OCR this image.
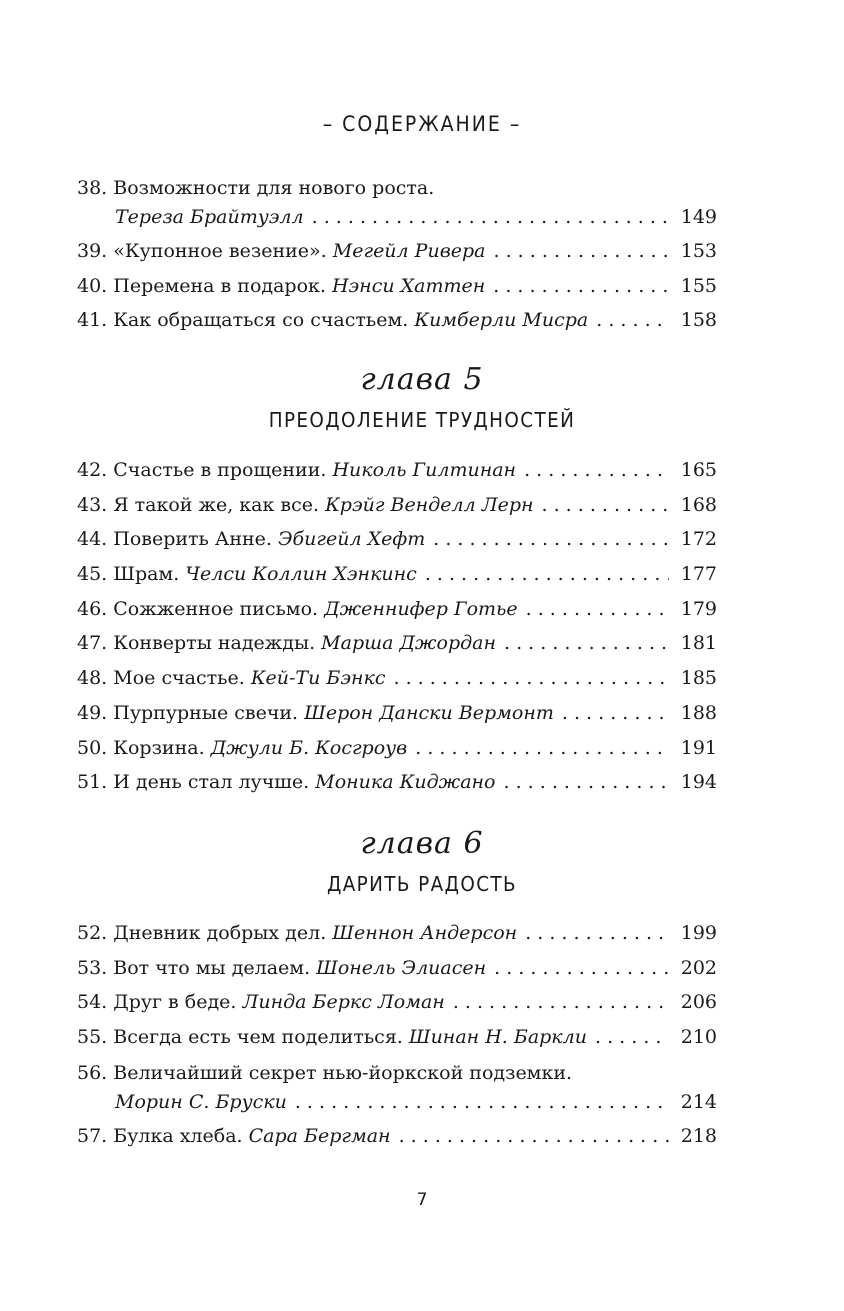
– СОДЕРЖАНИЕ –
38. Возможности для нового роста.
Тереза Брайтуэлл . . .	149
39. «Купонное везение». Мегейл Ривера . . .	153
40. Перемена в подарок. Нэнси Хаттен . . .	155
41. Как обращаться со счастьем. Кимберли Мисра . . .	158
глава 5
ПРЕОДОЛЕНИЕ ТРУДНОСТЕЙ
42. Счастье в прощении. Николь Гилтинан . . .	165
43. Я такой же, как все. Крэйг Венделл Лерн . . .	168
44. Поверить Анне. Эбигейл Хефт . . .	172
45. Шрам. Челси Коллин Хэнкинс . . .	177
46. Сожженное письмо. Дженнифер Готье . . .	179
47. Конверты надежды. Марша Джордан . . .	181
48. Мое счастье. Кей-Ти Бэнкс . . .	185
49. Пурпурные свечи. Шерон Дански Вермонт . . .	188
50. Корзина. Джули Б. Косгроув . . .	191
51. И день стал лучше. Моника Киджано . . .	194
глава 6
ДАРИТЬ РАДОСТЬ
52. Дневник добрых дел. Шеннон Андерсон . . .	199
53. Вот что мы делаем. Шонель Элиасен . . .	202
54. Друг в беде. Линда Беркс Ломан . . .	206
55. Всегда есть чем поделиться. Шинан Н. Баркли . . .	210
56. Величайший секрет нью-йоркской подземки.
Морин С. Бруски . . .	214
57. Булка хлеба. Сара Бергман . . .	218
7
